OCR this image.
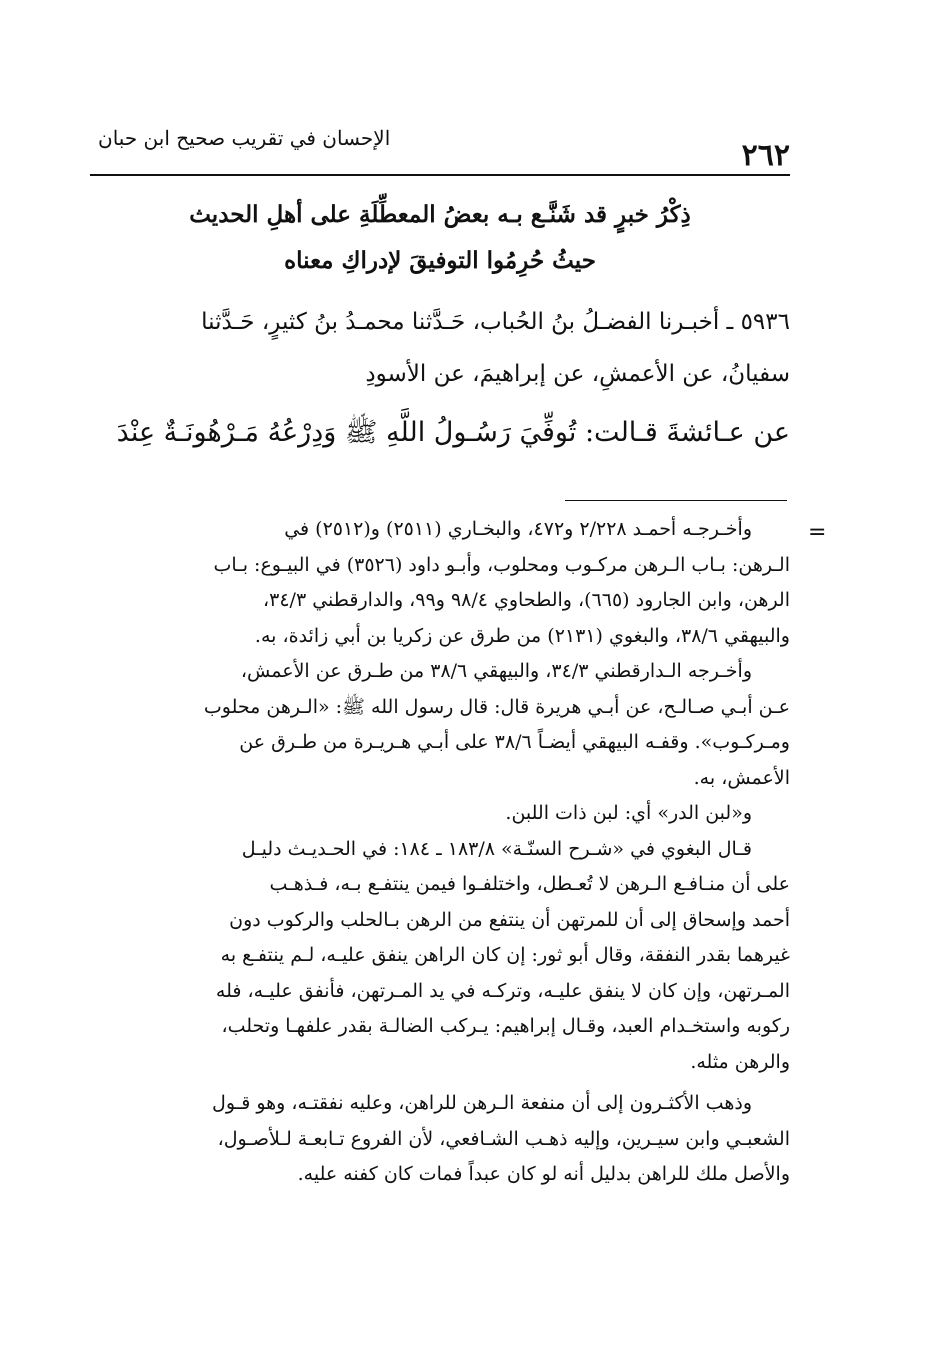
٢٦٢
الإحسان في تقريب صحيح ابن حبان
ذِكْرُ خبرٍ قد شَنَّـع بـه بعضُ المعطِّلَةِ على أهلِ الحديث
حيثُ حُرِمُوا التوفيقَ لإدراكِ معناه

٥٩٣٦ ـ أخبـرنا الفضـلُ بنُ الحُباب، حَـدَّثنا محمـدُ بنُ كثيرٍ، حَـدَّثنا
سفيانُ، عن الأعمشِ، عن إبراهيمَ، عن الأسودِ

عن عـائشةَ قـالت: تُوفِّيَ رَسُـولُ اللَّهِ ﷺ وَدِرْعُهُ مَـرْهُونَـةٌ عِنْدَ

=
وأخـرجـه أحمـد ٢/٢٢٨ و٤٧٢، والبخـاري (٢٥١١) و(٢٥١٢) في
الـرهن: بـاب الـرهن مركـوب ومحلوب، وأبـو داود (٣٥٢٦) في البيـوع: بـاب
الرهن، وابن الجارود (٦٦٥)، والطحاوي ٩٨/٤ و٩٩، والدارقطني ٣٤/٣،
والبيهقي ٣٨/٦، والبغوي (٢١٣١) من طرق عن زكريا بن أبي زائدة، به.
وأخـرجه الـدارقطني ٣٤/٣، والبيهقي ٣٨/٦ من طـرق عن الأعمش،
عـن أبـي صـالـح، عن أبـي هريرة قال: قال رسول الله ﷺ: «الـرهن محلوب
ومـركـوب». وقفـه البيهقي أيضـاً ٣٨/٦ على أبـي هـريـرة من طـرق عن
الأعمش، به.
و«لبن الدر» أي: لبن ذات اللبن.
قـال البغوي في «شـرح السنّـة» ١٨٣/٨ ـ ١٨٤: في الحـديـث دليـل
على أن منـافـع الـرهن لا تُعـطل، واختلفـوا فيمن ينتفـع بـه، فـذهـب
أحمد وإسحاق إلى أن للمرتهن أن ينتفع من الرهن بـالحلب والركوب دون
غيرهما بقدر النفقة، وقال أبو ثور: إن كان الراهن ينفق عليـه، لـم ينتفـع به
المـرتهن، وإن كان لا ينفق عليـه، وتركـه في يد المـرتهن، فأنفق عليـه، فله
ركوبه واستخـدام العبد، وقـال إبراهيم: يـركب الضالـة بقدر علفهـا وتحلب،
والرهن مثله.
وذهب الأكثـرون إلى أن منفعة الـرهن للراهن، وعليه نفقتـه، وهو قـول
الشعبـي وابن سيـرين، وإليه ذهـب الشـافعي، لأن الفروع تـابعـة لـلأصـول،
والأصل ملك للراهن بدليل أنه لو كان عبداً فمات كان كفنه عليه.
